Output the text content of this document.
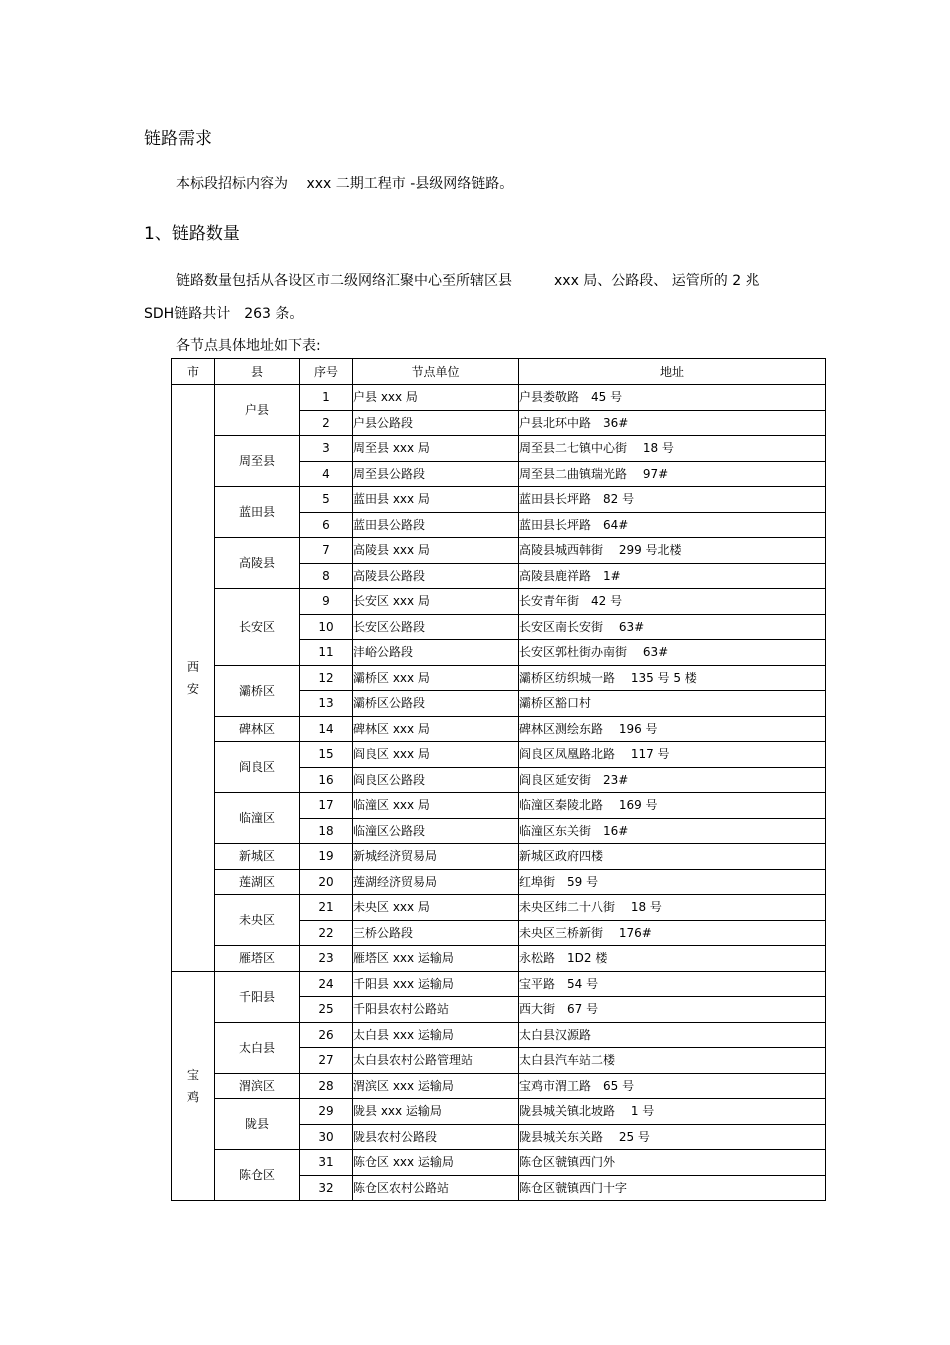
链路需求
本标段招标内容为　 xxx 二期工程市 -县级网络链路。
1、链路数量
链路数量包括从各设区市二级网络汇聚中心至所辖区县　　　xxx 局、公路段、 运管所的 2 兆
SDH链路共计　263 条。
各节点具体地址如下表:
市	县	序号	节点单位	地址

西
安	户县	1	户县 xxx 局	户县娄敬路　45 号
		2	户县公路段	户县北环中路　36#
	周至县	3	周至县 xxx 局	周至县二七镇中心街　 18 号
		4	周至县公路段	周至县二曲镇瑞光路　 97#
	蓝田县	5	蓝田县 xxx 局	蓝田县长坪路　82 号
		6	蓝田县公路段	蓝田县长坪路　64#
	高陵县	7	高陵县 xxx 局	高陵县城西韩街　 299 号北楼
		8	高陵县公路段	高陵县鹿祥路　1#
	长安区	9	长安区 xxx 局	长安青年街　42 号
		10	长安区公路段	长安区南长安街　 63#
		11	沣峪公路段	长安区郭杜街办南街　 63#
	灞桥区	12	灞桥区 xxx 局	灞桥区纺织城一路　 135 号 5 楼
		13	灞桥区公路段	灞桥区豁口村
	碑林区	14	碑林区 xxx 局	碑林区测绘东路　 196 号
	阎良区	15	阎良区 xxx 局	阎良区凤凰路北路　 117 号
		16	阎良区公路段	阎良区延安街　23#
	临潼区	17	临潼区 xxx 局	临潼区秦陵北路　 169 号
		18	临潼区公路段	临潼区东关街　16#
	新城区	19	新城经济贸易局	新城区政府四楼
	莲湖区	20	莲湖经济贸易局	红埠街　59 号
	未央区	21	未央区 xxx 局	未央区纬二十八街　 18 号
		22	三桥公路段	未央区三桥新街　 176#
	雁塔区	23	雁塔区 xxx 运输局	永松路　1D2 楼

宝
鸡	千阳县	24	千阳县 xxx 运输局	宝平路　54 号
		25	千阳县农村公路站	西大街　67 号
	太白县	26	太白县 xxx 运输局	太白县汉源路
		27	太白县农村公路管理站	太白县汽车站二楼
	渭滨区	28	渭滨区 xxx 运输局	宝鸡市渭工路　65 号
	陇县	29	陇县 xxx 运输局	陇县城关镇北坡路　 1 号
		30	陇县农村公路段	陇县城关东关路　 25 号
	陈仓区	31	陈仓区 xxx 运输局	陈仓区虢镇西门外
		32	陈仓区农村公路站	陈仓区虢镇西门十字
